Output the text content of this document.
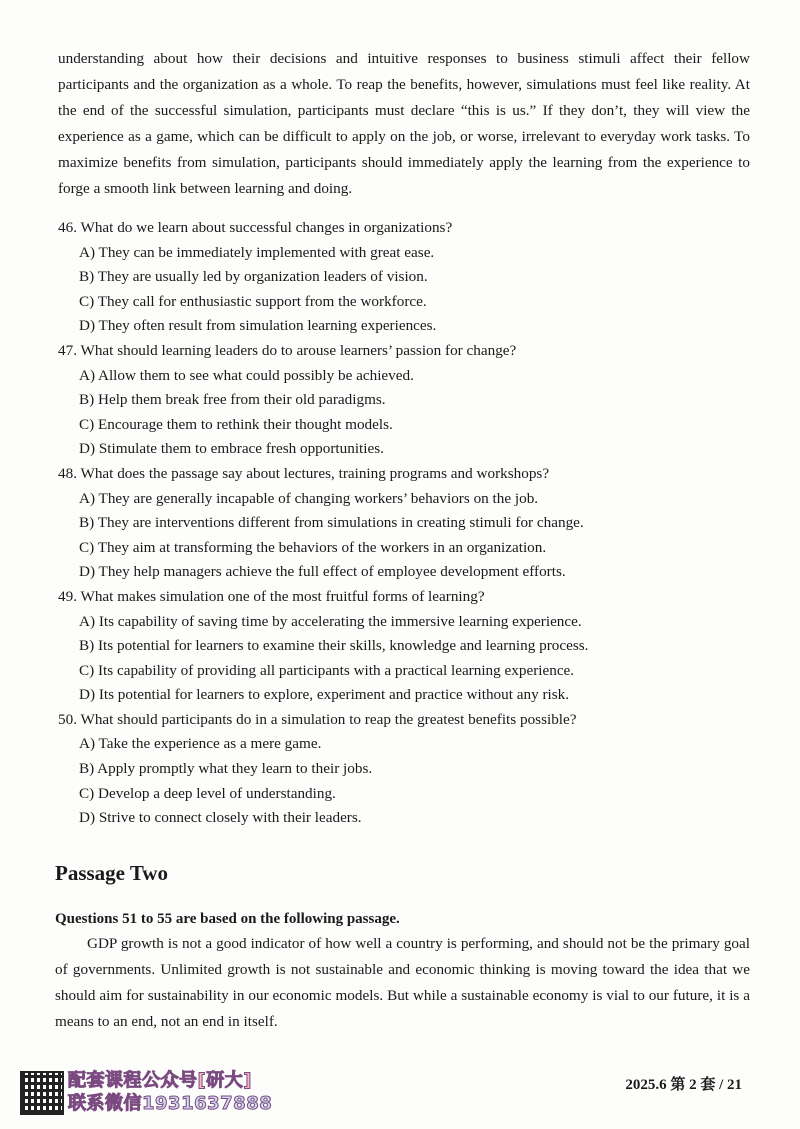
understanding about how their decisions and intuitive responses to business stimuli affect their fellow participants and the organization as a whole. To reap the benefits, however, simulations must feel like reality. At the end of the successful simulation, participants must declare “this is us.” If they don’t, they will view the experience as a game, which can be difficult to apply on the job, or worse, irrelevant to everyday work tasks. To maximize benefits from simulation, participants should immediately apply the learning from the experience to forge a smooth link between learning and doing.

46. What do we learn about successful changes in organizations?

A) They can be immediately implemented with great ease.

B) They are usually led by organization leaders of vision.

C) They call for enthusiastic support from the workforce.

D) They often result from simulation learning experiences.

47. What should learning leaders do to arouse learners’ passion for change?

A) Allow them to see what could possibly be achieved.

B) Help them break free from their old paradigms.

C) Encourage them to rethink their thought models.

D) Stimulate them to embrace fresh opportunities.

48. What does the passage say about lectures, training programs and workshops?

A) They are generally incapable of changing workers’ behaviors on the job.

B) They are interventions different from simulations in creating stimuli for change.

C) They aim at transforming the behaviors of the workers in an organization.

D) They help managers achieve the full effect of employee development efforts.

49. What makes simulation one of the most fruitful forms of learning?

A) Its capability of saving time by accelerating the immersive learning experience.

B) Its potential for learners to examine their skills, knowledge and learning process.

C) Its capability of providing all participants with a practical learning experience.

D) Its potential for learners to explore, experiment and practice without any risk.

50. What should participants do in a simulation to reap the greatest benefits possible?

A) Take the experience as a mere game.

B) Apply promptly what they learn to their jobs.

C) Develop a deep level of understanding.

D) Strive to connect closely with their leaders.

Passage Two

Questions 51 to 55 are based on the following passage.

GDP growth is not a good indicator of how well a country is performing, and should not be the primary goal of governments. Unlimited growth is not sustainable and economic thinking is moving toward the idea that we should aim for sustainability in our economic models. But while a sustainable economy is vial to our future, it is a means to an end, not an end in itself.

配套课程公众号[研大]
联系微信1931637888
2025.6 第 2 套 / 21
